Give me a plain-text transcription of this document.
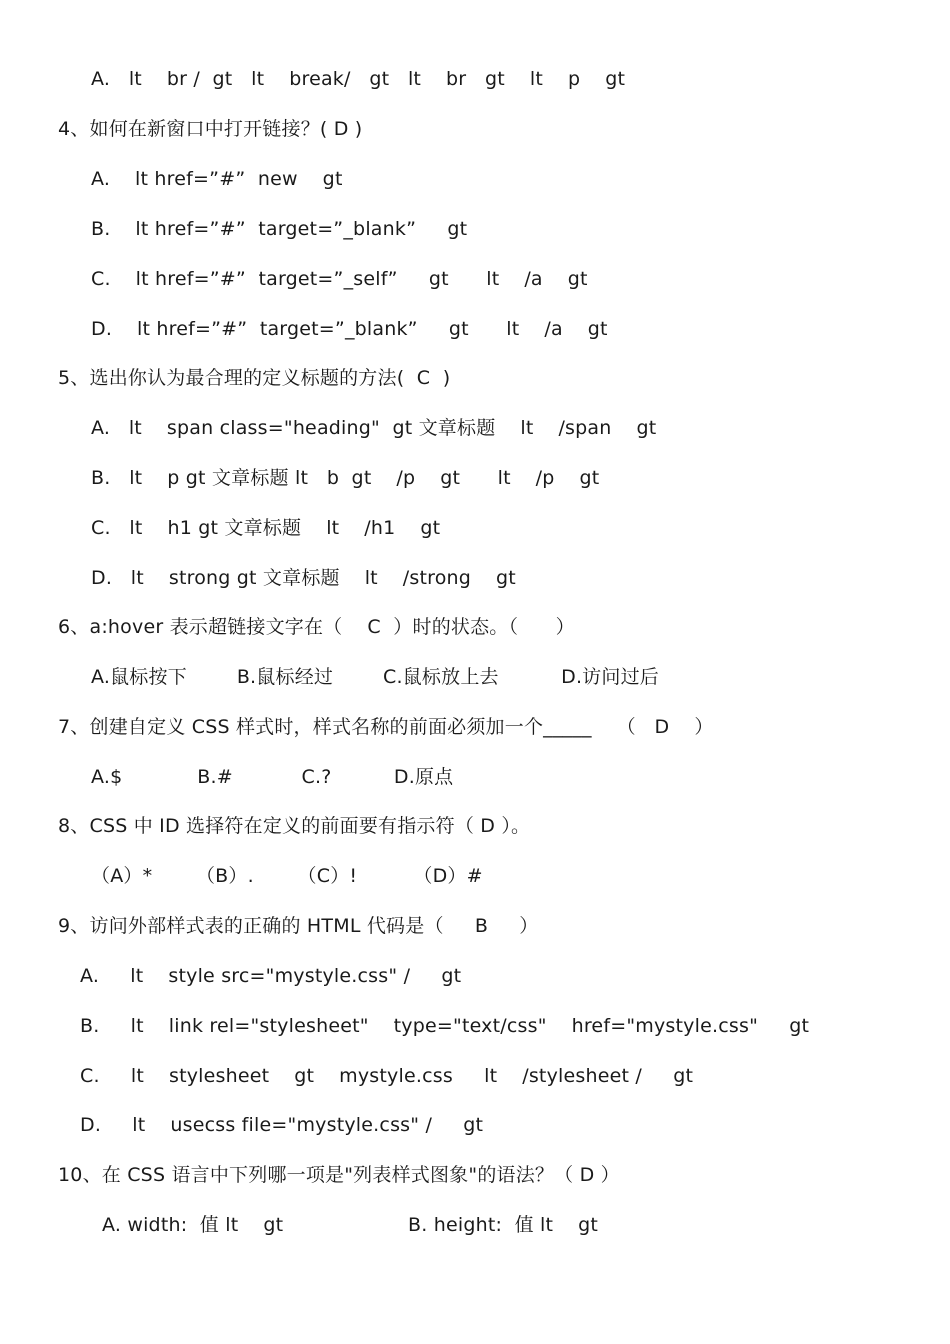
A.   lt    br /  gt   lt    break/   gt   lt    br   gt    lt    p    gt
4、如何在新窗口中打开链接？( D )
A.    lt href=”#”  new    gt
B.    lt href=”#”  target=”_blank”     gt
C.    lt href=”#”  target=”_self”     gt      lt    /a    gt
D.    lt href=”#”  target=”_blank”     gt      lt    /a    gt
5、选出你认为最合理的定义标题的方法(  C  )
A.   lt    span class="heading"  gt 文章标题    lt    /span    gt
B.   lt    p gt 文章标题 lt   b  gt    /p    gt      lt    /p    gt
C.   lt    h1 gt 文章标题    lt    /h1    gt
D.   lt    strong gt 文章标题    lt    /strong    gt
6、a:hover 表示超链接文字在（    C  ）时的状态。（      ）
A.鼠标按下        B.鼠标经过        C.鼠标放上去          D.访问过后
7、创建自定义 CSS 样式时，样式名称的前面必须加一个_____    （   D    ）
A.$            B.#           C.?          D.原点
8、CSS 中 ID 选择符在定义的前面要有指示符（ D ）。
（A）*       （B）.       （C）!         （D）#
9、访问外部样式表的正确的 HTML 代码是（     B     ）
A.     lt    style src="mystyle.css" /     gt
B.     lt    link rel="stylesheet"    type="text/css"    href="mystyle.css"     gt
C.     lt    stylesheet    gt    mystyle.css     lt    /stylesheet /     gt
D.     lt    usecss file="mystyle.css" /     gt
10、在 CSS 语言中下列哪一项是"列表样式图象"的语法？（ D ）
A. width:  值 lt    gt                    B. height:  值 lt    gt
